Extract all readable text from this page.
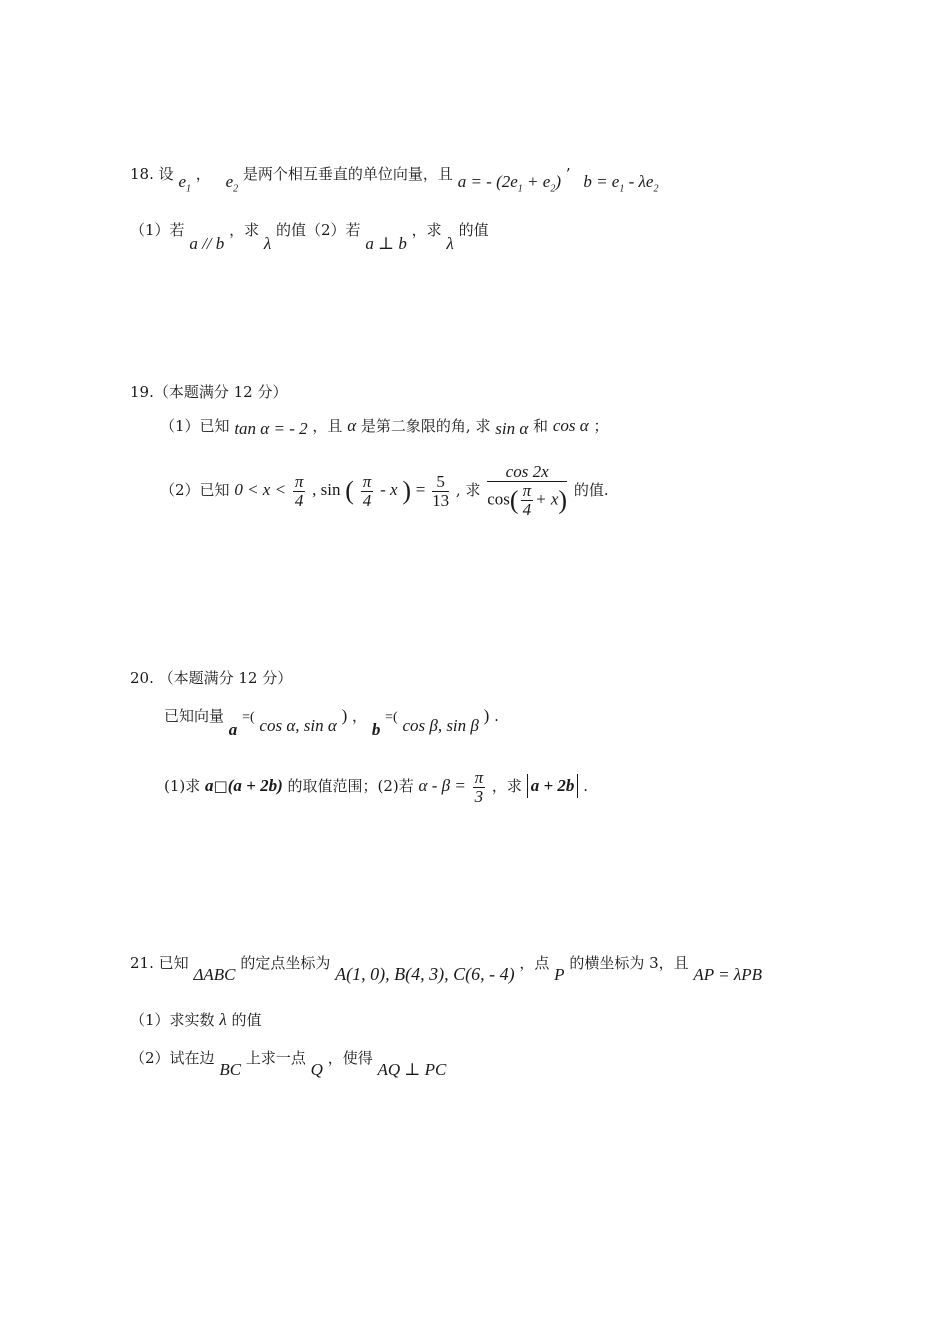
18. 设 $e_1$ ， $e_2$ 是两个相互垂直的单位向量，且 a = - $(2e_1 + e_2)$ ’ $b = e_1 - \lambda e_2$
（1）若 a // b ，求 λ 的值（2）若 a ⊥ b ，求 λ 的值
19.（本题满分 12 分）
（1）已知 tan α = - 2 ，且 α 是第二象限的角, 求 sin α 和 cos α ；
（2）已知 $0 < x < \frac{\pi}{4}$ , sin ( $\frac{\pi}{4}$ - x ) = $\frac{5}{13}$ , 求 $\frac{\cos 2x}{\cos( \frac{\pi}{4} + x)}$ 的值.
20. （本题满分 12 分）
已知向量 a =( cos α, sin α ) ， b =( cos β, sin β ) .
(1)求 a□(a + 2b) 的取值范围；(2)若 $\alpha - \beta = \frac{\pi}{3}$ ，求 a + 2b .
21. 已知 ΔABC 的定点坐标为 A(1, 0), B(4, 3), C(6, - 4) ，点 P 的横坐标为 3，且 AP = λPB
（1）求实数 λ 的值
（2）试在边 BC 上求一点 Q ，使得 AQ ⊥ PC
